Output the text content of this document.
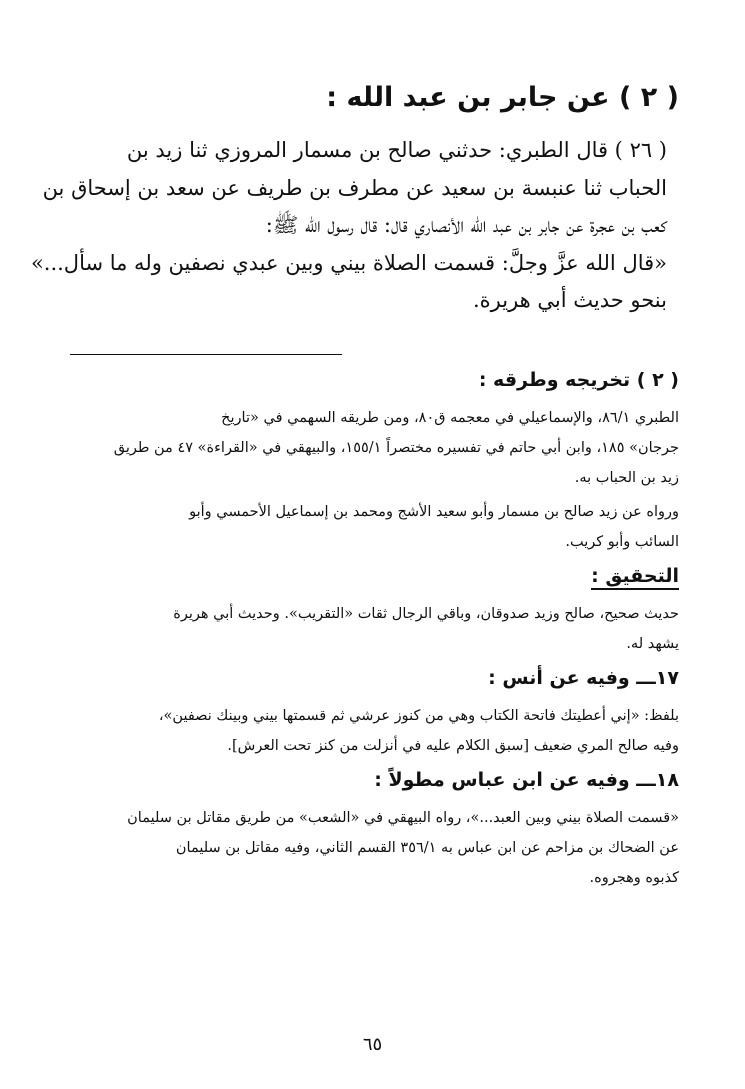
( ٢ ) عن جابر بن عبد الله :

( ٢٦ ) قال الطبري: حدثني صالح بن مسمار المروزي ثنا زيد بن
الحباب ثنا عنبسة بن سعيد عن مطرف بن طريف عن سعد بن إسحاق بن
كعب بن عجرة عن جابر بن عبد الله الأنصاري قال: قال رسول الله ﷺ:
«قال الله عزَّ وجلَّ: قسمت الصلاة بيني وبين عبدي نصفين وله ما سأل...»
بنحو حديث أبي هريرة.

( ٢ ) تخريجه وطرقه :

الطبري ٨٦/١، والإسماعيلي في معجمه ق٨٠، ومن طريقه السهمي في «تاريخ
جرجان» ١٨٥، وابن أبي حاتم في تفسيره مختصراً ١٥٥/١، والبيهقي في «القراءة» ٤٧ من طريق
زيد بن الحباب به.

ورواه عن زيد صالح بن مسمار وأبو سعيد الأشج ومحمد بن إسماعيل الأحمسي وأبو
السائب وأبو كريب.

التحقيق :

حديث صحيح، صالح وزيد صدوقان، وباقي الرجال ثقات «التقريب». وحديث أبي هريرة
يشهد له.

١٧ـــ وفيه عن أنس :

بلفظ: «إني أعطيتك فاتحة الكتاب وهي من كنوز عرشي ثم قسمتها بيني وبينك نصفين»،
وفيه صالح المري ضعيف [سبق الكلام عليه في أنزلت من كنز تحت العرش].

١٨ـــ وفيه عن ابن عباس مطولاً :

«قسمت الصلاة بيني وبين العبد...»، رواه البيهقي في «الشعب» من طريق مقاتل بن سليمان
عن الضحاك بن مزاحم عن ابن عباس به ٣٥٦/١ القسم الثاني، وفيه مقاتل بن سليمان
كذبوه وهجروه.

٦٥
